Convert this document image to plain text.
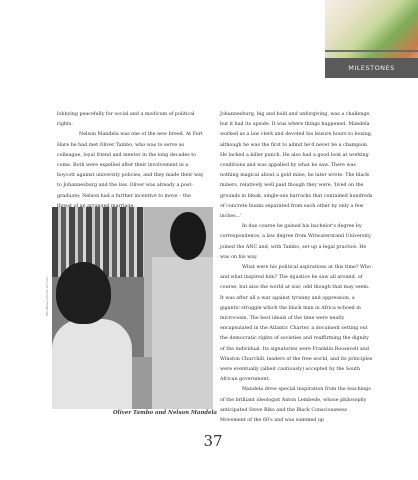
MILESTONES

lobbying peacefully for social and a modicum of political rights.

Nelson Mandela was one of the new breed. At Fort Hare he had met Oliver Tambo, who was to serve as colleague, loyal friend and mentor in the long decades to come. Both were expelled after their involvement in a boycott against university policies, and they made their way to Johannesburg and the law. Oliver was already a post-graduate; Nelson had a further incentive to move – the

Johannesburg, big and bold and unforgiving, was a challenge, but it had its upside. It was where things happened. Mandela worked as a law clerk and devoted his leisure hours to boxing, although he was the first to admit he'd never be a champion. He lacked a killer punch. He also had a good look at working conditions and was appalled by what he saw. There was nothing magical about a gold mine, he later wrote. The black miners, relatively well paid though they were, 'lived on the grounds in bleak, single-sex barracks that contained hundreds of concrete bunks separated from each other by only a few inches...'

In due course he gained his bachelor's degree by correspondence, a law degree from Witwatersrand University, joined the ANC and, with Tambo, set up a legal practice. He was on his way.

What were his political aspirations at this time? Who and what inspired him? The injustice he saw all around, of course, but also the world at war, odd though that may seem. It was after all a war against tyranny and oppression, a gigantic struggle which the black man in Africa echoed in microcosm. The best ideals of the time were neatly encapsulated in the Atlantic Charter, a document setting out the democratic rights of societies and reaffirming the dignity of the individual. Its signatories were Franklin Roosevelt and Winston Churchill, leaders of the free world, and its principles were eventually (albeit cautiously) accepted by the South African government.

Mandela drew special inspiration from the teachings of the brilliant ideologist Anton Lembede, whose philosophy anticipated Steve Biko and the Black Consciousness Movement of the 60's and was summed up

PPC/Baileys Photo Archive
Oliver Tambo and Nelson Mandela
37
